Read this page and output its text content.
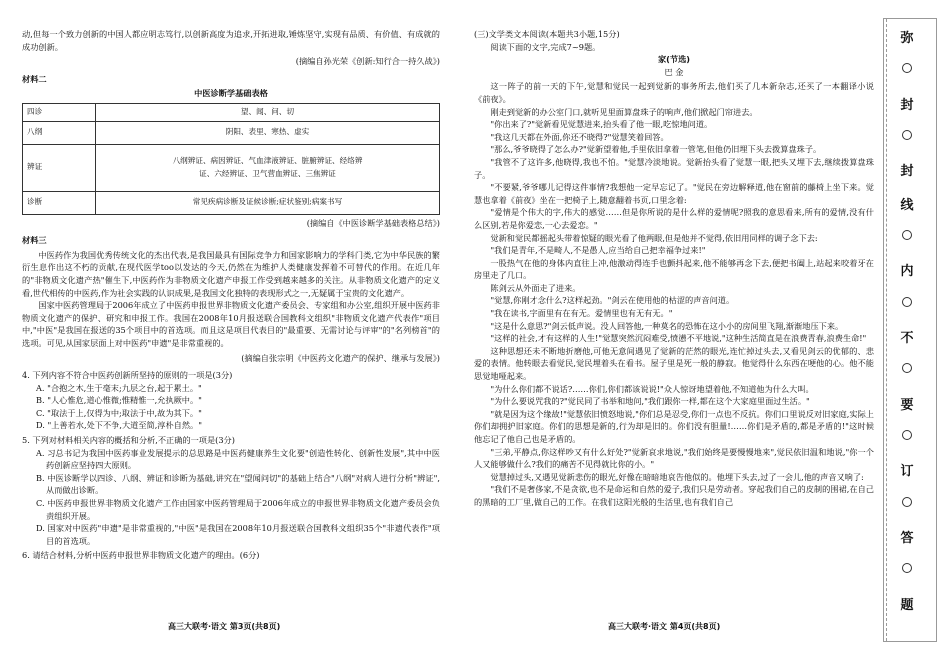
动,但每一个致力创新的中国人都应明志笃行,以创新高度为追求,开拓进取,锤炼坚守,实现有品质、有价值、有成就的成功创新。

(摘编自孙光荣《创新:知行合一持久战》)
材料二
中医诊断学基础表格
四诊	望、闻、问、切
八纲	阴阳、表里、寒热、虚实
辨证	八纲辨证、病因辨证、气血津液辨证、脏腑辨证、经络辨证、六经辨证、卫气营血辨证、三焦辨证
诊断	常见疾病诊断及证候诊断;症状鉴别;病案书写
(摘编自《中医诊断学基础表格总结》)
材料三

中医药作为我国优秀传统文化的杰出代表,是我国最具有国际竞争力和国家影响力的学科门类,它为中华民族的繁衍生息作出这不朽的贡献,在现代医学too以发达的今天,仍然在为维护人类健康发挥着不可替代的作用。在近几年的"非物质文化遗产热"催生下,中医药作为非物质文化遗产申报工作受到越来越多的关注。从非物质文化遗产的定义看,世代相传的中医药,作为社会实践的认识成果,是我国文化独特的表现形式之一,无疑属于宝贵的文化遗产。

国家中医药管理局于2006年成立了中医药申报世界非物质文化遗产委员会、专家组和办公室,组织开展中医药非物质文化遗产的保护、研究和申报工作。我国在2008年10月报送联合国教科文组织"非物质文化遗产代表作"项目中,"中医"是我国在报送的35个项目中的首选项。而且这是项目代表目的"最重要、无需讨论与评审"的"名列榜首"的选项。可见,从国家层面上对中医药"申遗"是非常重视的。

(摘编自张宗明《中医药文化遗产的保护、继承与发展》)

4. 下列内容不符合中医药创新所坚持的原则的一项是(3分)

A. "合抱之木,生于毫末;九层之台,起于累土。"

B. "人心惟危,道心惟微;惟精惟一,允执厥中。"

C. "取法于上,仅得为中;取法于中,故为其下。"

D. "上善若水,处下不争,大道至简,淳朴自然。"

5. 下列对材料相关内容的概括和分析,不正确的一项是(3分)

A. 习总书记为我国中医药事业发展提示的总思路是中医药健康养生文化要"创造性转化、创新性发展",其中中医药创新应坚持四大原则。

B. 中医诊断学以四诊、八纲、辨证和诊断为基础,讲究在"望闻问切"的基础上结合"八纲"对病人进行分析"辨证",从而做出诊断。

C. 中医药申报世界非物质文化遗产工作由国家中医药管理局于2006年成立的申报世界非物质文化遗产委员会负责组织开展。

D. 国家对中医药"申遗"是非常重视的,"中医"是我国在2008年10月报送联合国教科文组织35个"非遗代表作"项目的首选项。

6. 请结合材料,分析中医药申报世界非物质文化遗产的理由。(6分)

高三大联考·语文 第3页(共8页)

(三)文学类文本阅读(本题共3小题,15分)

阅读下面的文字,完成7~9题。

家(节选)
巴 金

这一阵子的前一天的下午,觉慧和觉民一起到觉新的事务所去,他们买了几本新杂志,还买了一本翻译小说《前夜》。

刚走到觉新的办公室门口,就听见里面算盘珠子的响声,他们掀起门帘进去。

"你出来了?"觉新看见觉慧进来,抬头看了他一眼,吃惊地问道。

"我这几天都在外面,你还不晓得?"觉慧笑着回答。

"那么,爷爷晓得了怎么办?"觉新望着他,手里依旧拿着一管笔,但他仍旧埋下头去拨算盘珠子。

"我管不了这许多,他晓得,我也不怕。"觉慧冷淡地说。觉新抬头看了觉慧一眼,把头又埋下去,继续拨算盘珠子。

"不要紧,爷爷哪儿记得这件事情?我想他一定早忘记了。"觉民在旁边解释道,他在窗前的藤椅上坐下来。觉慧也拿着《前夜》坐在一把椅子上,随意翻着书页,口里念着:

"爱情是个伟大的字,伟大的感觉……但是你所说的是什么样的爱情呢?照我的意思看来,所有的爱情,没有什么区别,若是你爱恋,一心去爱恋。"

觉新和觉民都摇起头带着惊疑的眼光看了他两眼,但是他并不觉得,依旧用同样的调子念下去:

"我们是青年,不是畸人,不是愚人,应当给自己把幸福争过来!"

一股热气在他的身体内直往上冲,他激动得连手也颤抖起来,他不能够再念下去,便把书阖上,站起来咬着牙在房里走了几口。

陈剑云从外面走了进来。

"觉慧,你刚才念什么?这样起劲。"剑云在使用他的枯涩的声音问道。

"我在读书,字面里有在有无。爱情里也有无有无。"

"这是什么意思?"剑云低声说。没人回答他,一种莫名的恐怖在这小小的房间里飞翔,渐渐地压下来。

"这样的社会,才有这样的人生!"觉慧突然沉闷难受,愤懑不平地说,"这种生活简直是在浪费青春,浪费生命!"

这种思想还未不断地折磨他,可他无意间遇见了觉新的茫然的眼光,连忙掉过头去,又看见剑云的优郁的、悲爱的表情。他转眼去看觉民,觉民埋着头在看书。屋子里是死一般的静寂。他觉得什么东西在哽他的心。他不能思觉地哑起来。

"为什么你们都不说话?……你们,你们都该说说!"众人惊讶地望着他,不知道他为什么大叫。

"为什么要说咒我的?"觉民同了书举和地问,"我们跟你一样,都在这个大家庭里面过生活。"

"就是因为这个缘故!"觉慧依旧愤怒地说,"你们总是忍受,你们一点也不反抗。你们口里说反对旧家庭,实际上你们却拥护旧家庭。你们的思想是新的,行为却是旧的。你们没有胆量!……你们是矛盾的,都是矛盾的!"这时候他忘记了他自己也是矛盾的。

"三弟,平静点,你这样吵又有什么好处?"觉新哀求地说,"我们始终是要慢慢地来",觉民依旧温和地说,"你一个人又能够做什么?我们的痛苦不见得就比你的小。"

觉慧掉过头,又遇见觉新悲伤的眼光,好像在暗暗地哀告他似的。他埋下头去,过了一会儿,他的声音又响了:

"我们不是奢侈家,不是贪欲,也不是命运和自然的爱子,我们只是劳动者。穿起我们自己的皮制的围裙,在自己的黑暗的工厂里,做自己的工作。在我们这阳光般的生活里,也有我们自己

高三大联考·语文 第4页(共8页)
弥
封
封
线
内
不
要
订
答
题
